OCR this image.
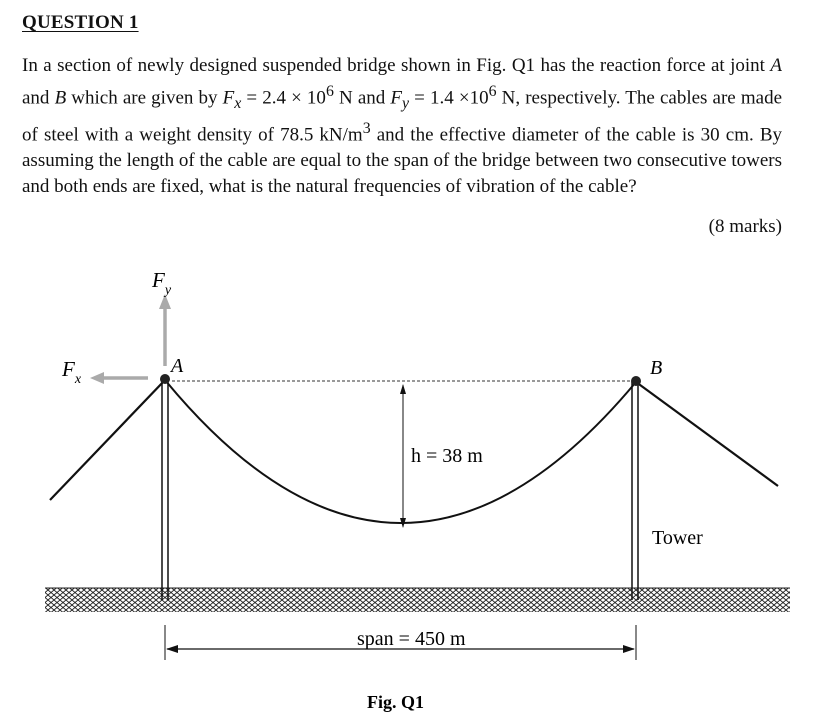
QUESTION 1
In a section of newly designed suspended bridge shown in Fig. Q1 has the reaction force at joint A and B which are given by $F_x = 2.4 \times 10^6$ N and $F_y = 1.4 \times 10^6$ N, respectively. The cables are made of steel with a weight density of 78.5 $kN/m^3$ and the effective diameter of the cable is 30 cm. By assuming the length of the cable are equal to the span of the bridge between two consecutive towers and both ends are fixed, what is the natural frequencies of vibration of the cable?
(8 marks)
$F_y$
$F_x$
A	B
h = 38 m
Tower
span = 450 m
Fig. Q1
